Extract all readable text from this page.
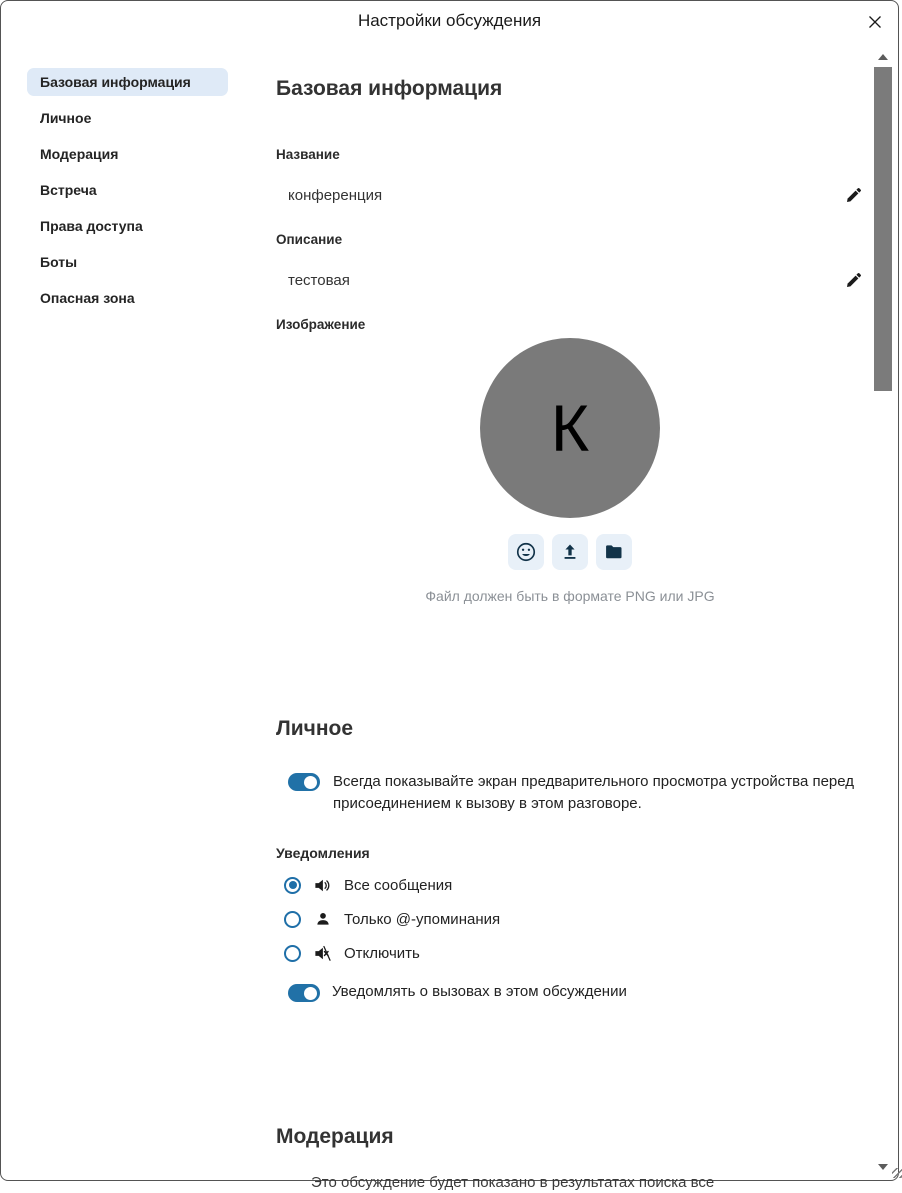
Настройки обсуждения
Базовая информация
Личное
Модерация
Встреча
Права доступа
Боты
Опасная зона
Базовая информация
Название
конференция
Описание
тестовая
Изображение
К
Файл должен быть в формате PNG или JPG
Личное
Всегда показывайте экран предварительного просмотра устройства перед присоединением к вызову в этом разговоре.
Уведомления
Все сообщения
Только @-упоминания
Отключить
Уведомлять о вызовах в этом обсуждении
Модерация
Это обсуждение будет показано в результатах поиска все
